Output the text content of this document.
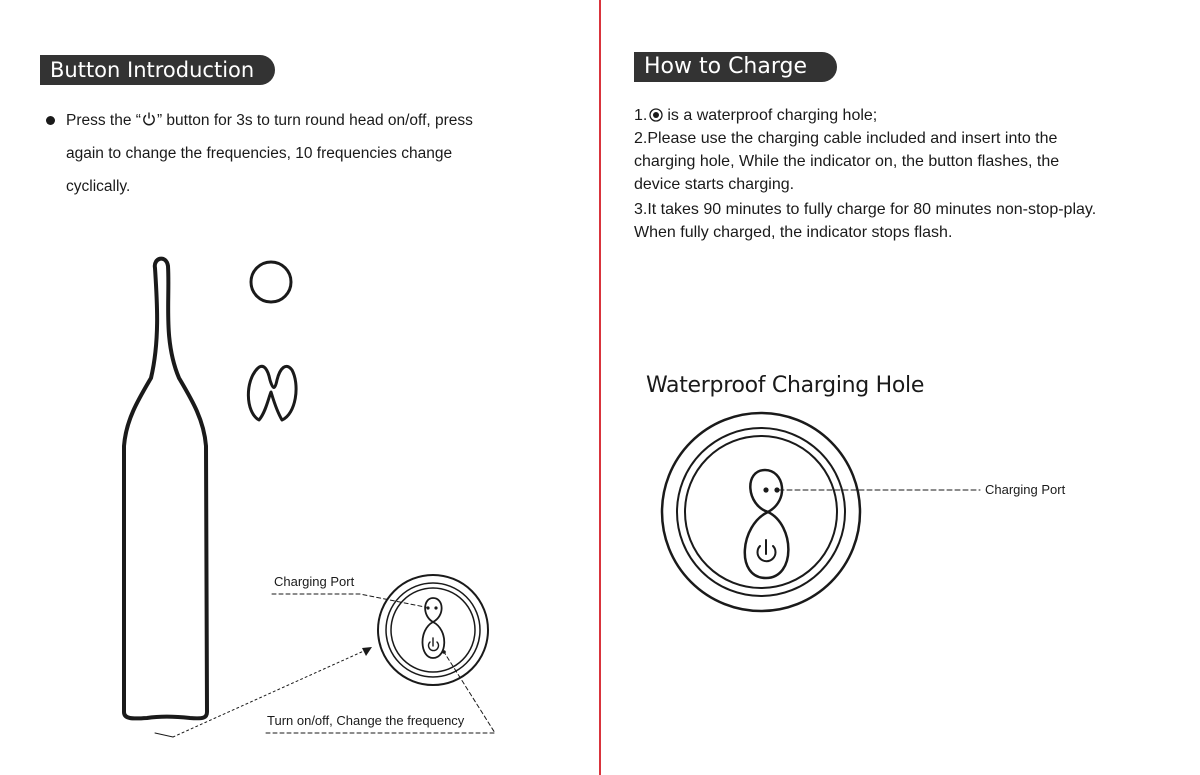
Button Introduction

Press the “ ” button for 3s to turn round head on/off, press

again to change the frequencies, 10 frequencies change

cyclically.

How to Charge

1. is a waterproof charging hole;

2.Please use the charging cable included and insert into the

charging hole, While the indicator on, the button flashes, the

device starts charging.

3.It takes 90 minutes to fully charge for 80 minutes non-stop-play.

When fully charged, the indicator stops flash.

Waterproof Charging Hole
Charging Port
Turn on/off, Change the frequency
Charging Port
